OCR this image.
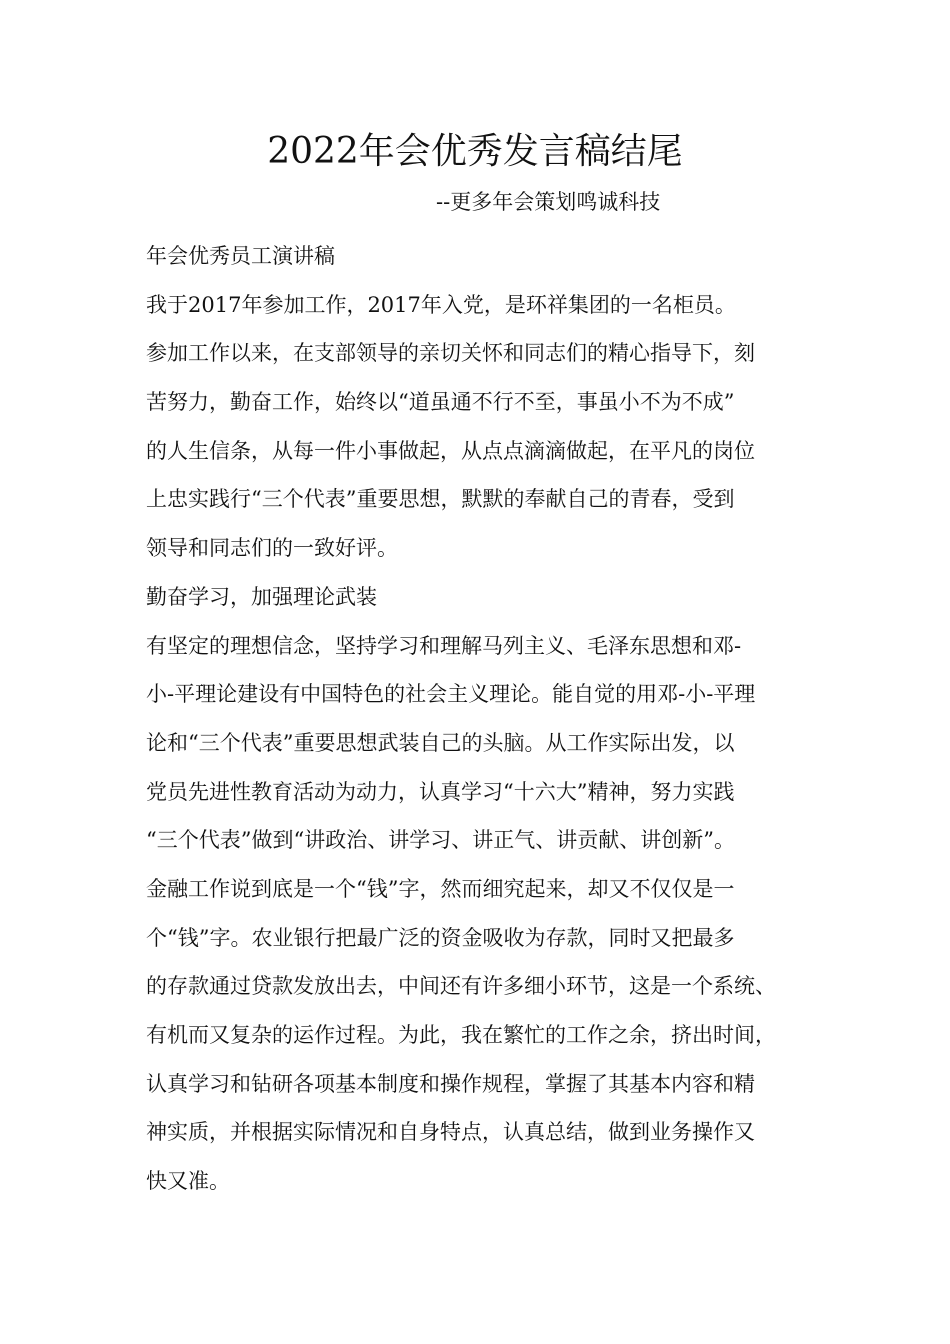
2022年会优秀发言稿结尾
--更多年会策划鸣诚科技
年会优秀员工演讲稿
我于2017年参加工作，2017年入党，是环祥集团的一名柜员。
参加工作以来，在支部领导的亲切关怀和同志们的精心指导下，刻
苦努力，勤奋工作，始终以“道虽通不行不至，事虽小不为不成”
的人生信条，从每一件小事做起，从点点滴滴做起，在平凡的岗位
上忠实践行“三个代表”重要思想，默默的奉献自己的青春，受到
领导和同志们的一致好评。
勤奋学习，加强理论武装
有坚定的理想信念，坚持学习和理解马列主义、毛泽东思想和邓-
小-平理论建设有中国特色的社会主义理论。能自觉的用邓-小-平理
论和“三个代表”重要思想武装自己的头脑。从工作实际出发，以
党员先进性教育活动为动力，认真学习“十六大”精神，努力实践
“三个代表”做到“讲政治、讲学习、讲正气、讲贡献、讲创新”。
金融工作说到底是一个“钱”字，然而细究起来，却又不仅仅是一
个“钱”字。农业银行把最广泛的资金吸收为存款，同时又把最多
的存款通过贷款发放出去，中间还有许多细小环节，这是一个系统、
有机而又复杂的运作过程。为此，我在繁忙的工作之余，挤出时间，
认真学习和钻研各项基本制度和操作规程，掌握了其基本内容和精
神实质，并根据实际情况和自身特点，认真总结，做到业务操作又
快又准。
